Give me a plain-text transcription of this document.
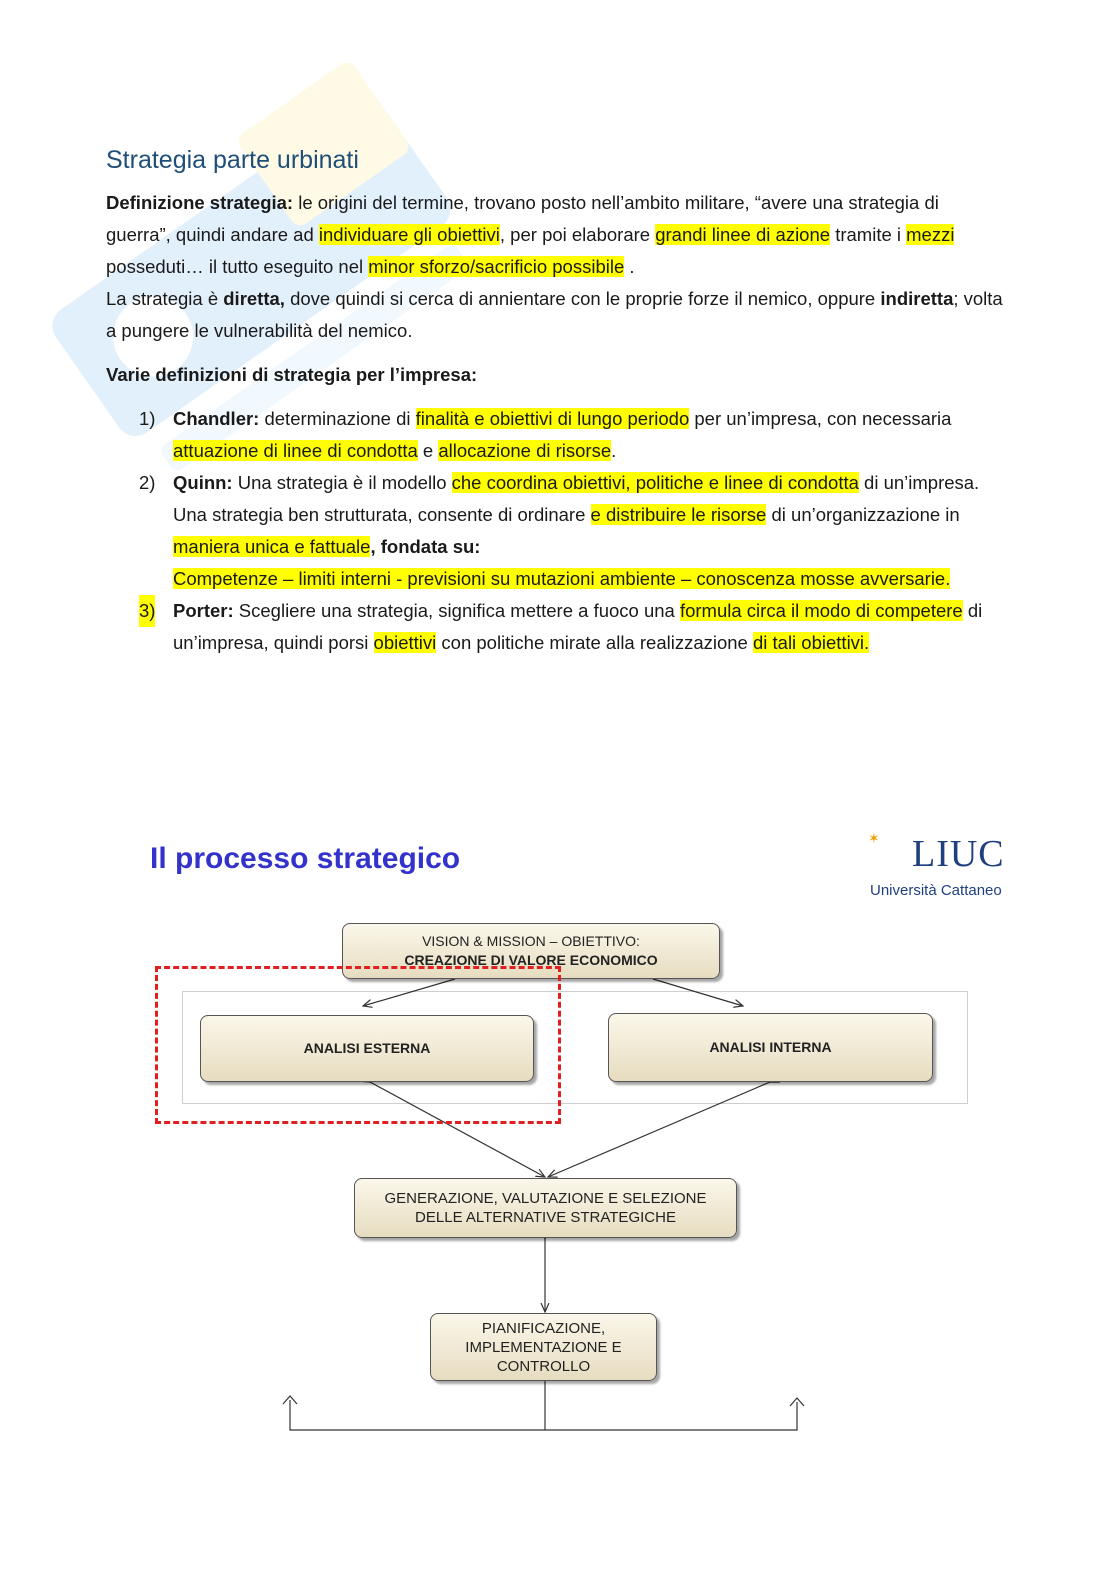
Strategia parte urbinati

Definizione strategia: le origini del termine, trovano posto nell’ambito militare, “avere una strategia di guerra”, quindi andare ad individuare gli obiettivi, per poi elaborare grandi linee di azione tramite i mezzi posseduti… il tutto eseguito nel minor sforzo/sacrificio possibile .

La strategia è diretta, dove quindi si cerca di annientare con le proprie forze il nemico, oppure indiretta; volta a pungere le vulnerabilità del nemico.

Varie definizioni di strategia per l’impresa:
1) Chandler: determinazione di finalità e obiettivi di lungo periodo per un’impresa, con necessaria attuazione di linee di condotta e allocazione di risorse.
2) Quinn: Una strategia è il modello che coordina obiettivi, politiche e linee di condotta di un’impresa.
Una strategia ben strutturata, consente di ordinare e distribuire le risorse di un’organizzazione in maniera unica e fattuale, fondata su:
Competenze – limiti interni - previsioni su mutazioni ambiente – conoscenza mosse avversarie.
3) Porter: Scegliere una strategia, significa mettere a fuoco una formula circa il modo di competere di un’impresa, quindi porsi obiettivi con politiche mirate alla realizzazione di tali obiettivi.
Il processo strategico
✶ LIUC
Università Cattaneo
VISION & MISSION – OBIETTIVO:
CREAZIONE DI VALORE ECONOMICO
ANALISI ESTERNA	ANALISI INTERNA
GENERAZIONE, VALUTAZIONE E SELEZIONE
DELLE ALTERNATIVE STRATEGICHE
PIANIFICAZIONE,
IMPLEMENTAZIONE E
CONTROLLO
